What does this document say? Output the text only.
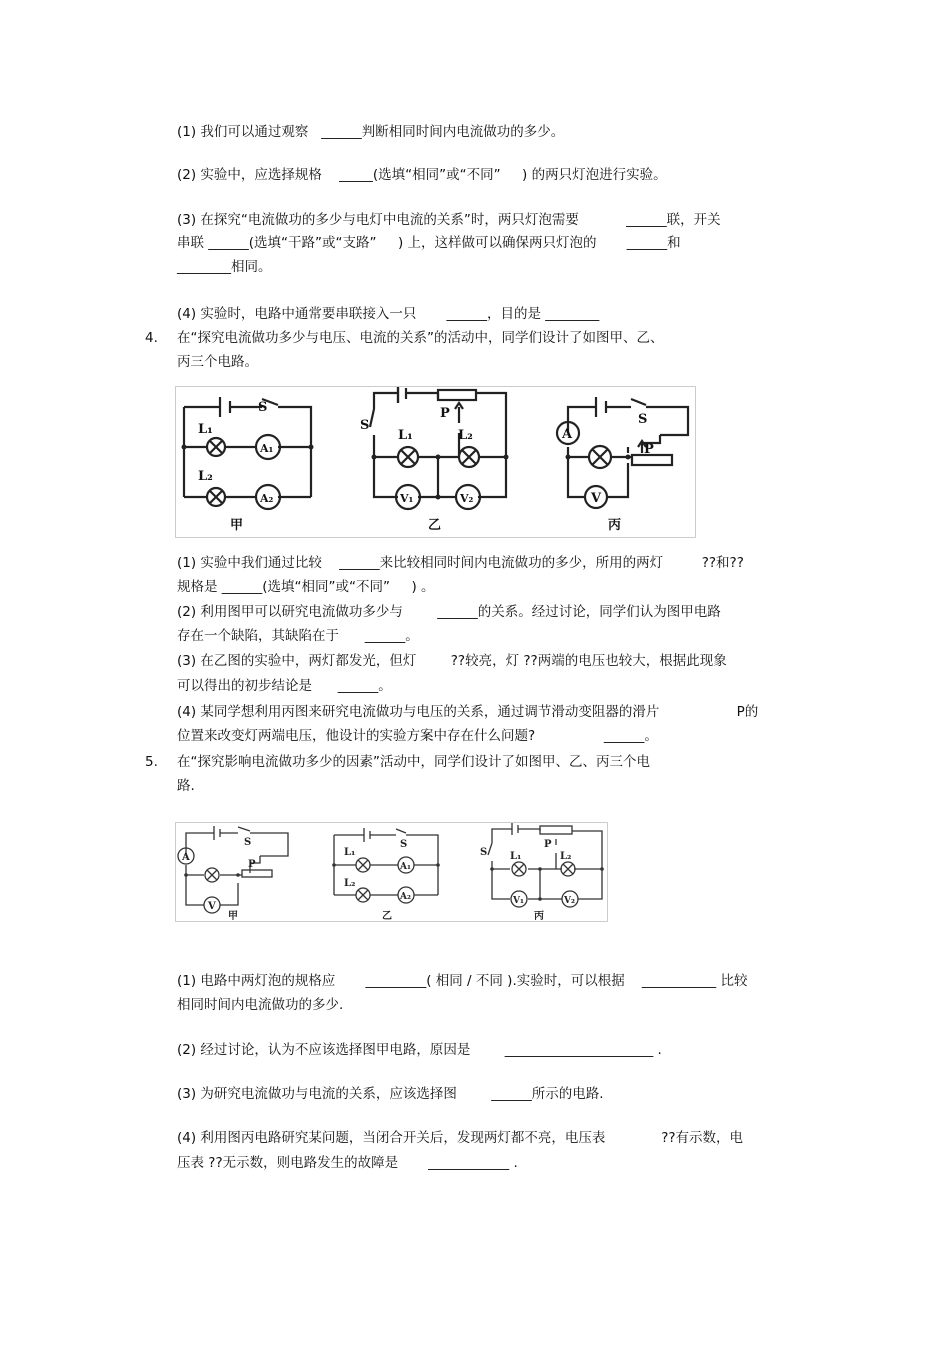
(1) 我们可以通过观察   ______判断相同时间内电流做功的多少。
(2) 实验中，应选择规格    _____(选填“相同”或“不同”     ) 的两只灯泡进行实验。
(3) 在探究“电流做功的多少与电灯中电流的关系”时，两只灯泡需要           ______联，开关
串联 ______(选填“干路”或“支路”     ) 上，这样做可以确保两只灯泡的       ______和
________相同。
(4) 实验时，电路中通常要串联接入一只       ______，目的是 ________
4. 在“探究电流做功多少与电压、电流的关系”的活动中，同学们设计了如图甲、乙、
丙三个电路。
L₁
L₂
A₁
A₂
S
甲
S
P
L₁	L₂
V₁	V₂
乙
A
V
S
P
丙
(1) 实验中我们通过比较    ______来比较相同时间内电流做功的多少，所用的两灯         ??和??
规格是 ______(选填“相同”或“不同”     ) 。
(2) 利用图甲可以研究电流做功多少与        ______的关系。经过讨论，同学们认为图甲电路
存在一个缺陷，其缺陷在于      ______。
(3) 在乙图的实验中，两灯都发光，但灯        ??较亮，灯 ??两端的电压也较大，根据此现象
可以得出的初步结论是      ______。
(4) 某同学想利用丙图来研究电流做功与电压的关系，通过调节滑动变阻器的滑片                  P的
位置来改变灯两端电压，他设计的实验方案中存在什么问题?                ______。
5. 在“探究影响电流做功多少的因素”活动中，同学们设计了如图甲、乙、丙三个电
路.
A
V
S
P
甲
L₁
L₂
A₁
A₂
S
乙
S
P
L₁	L₂
V₁	V₂
丙
(1) 电路中两灯泡的规格应       _________( 相同 / 不同 ).实验时，可以根据    ___________ 比较
相同时间内电流做功的多少.
(2) 经过讨论，认为不应该选择图甲电路，原因是        ______________________ .
(3) 为研究电流做功与电流的关系，应该选择图        ______所示的电路.
(4) 利用图丙电路研究某问题，当闭合开关后，发现两灯都不亮，电压表             ??有示数，电
压表 ??无示数，则电路发生的故障是       ____________ .
